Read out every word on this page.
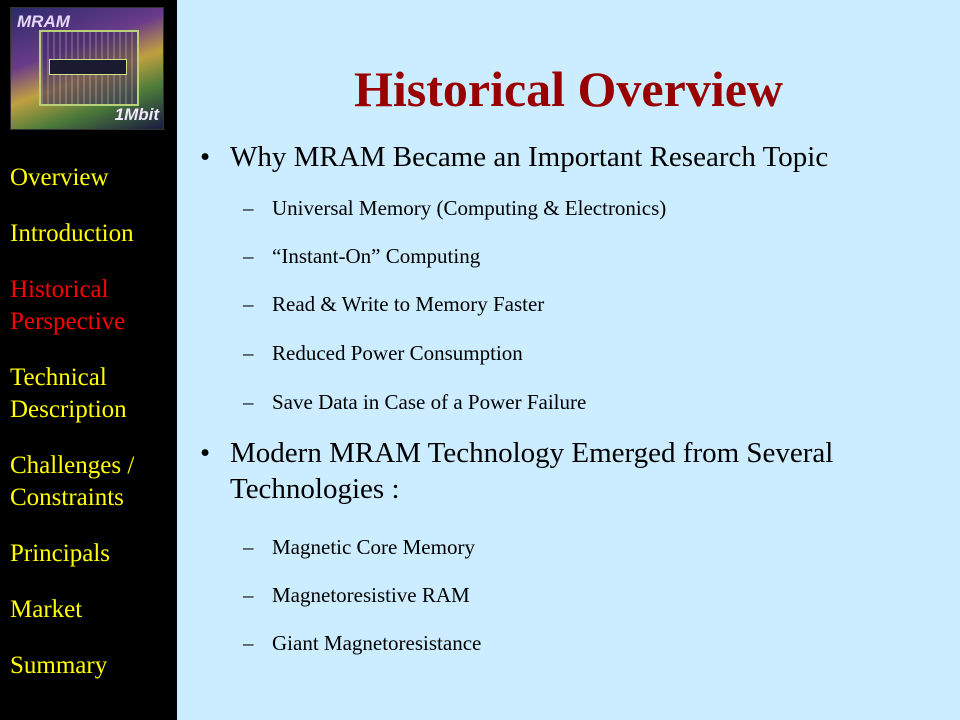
MRAM
1Mbit
Overview
Introduction
Historical Perspective
Technical Description
Challenges / Constraints
Principals
Market
Summary
Historical Overview
• Why MRAM Became an Important Research Topic
– Universal Memory (Computing & Electronics)
– “Instant-On” Computing
– Read & Write to Memory Faster
– Reduced Power Consumption
– Save Data in Case of a Power Failure
• Modern MRAM Technology Emerged from Several Technologies :
– Magnetic Core Memory
– Magnetoresistive RAM
– Giant Magnetoresistance
